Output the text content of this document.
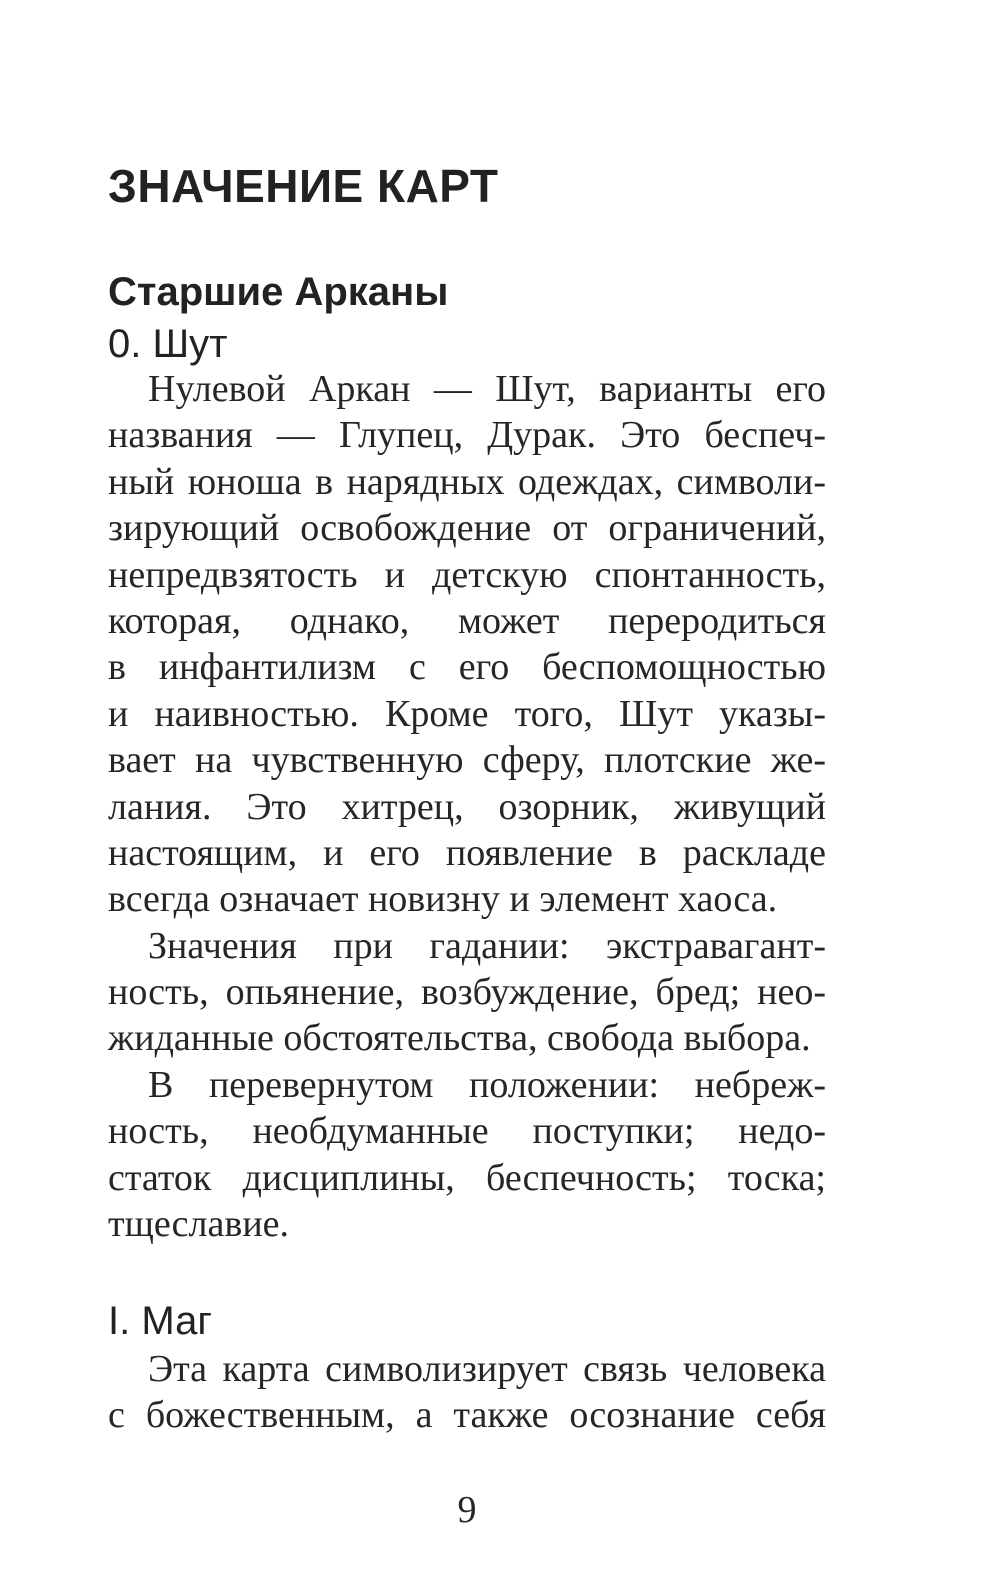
ЗНАЧЕНИЕ КАРТ
Старшие Арканы
0. Шут
Нулевой Аркан — Шут, варианты его
названия — Глупец, Дурак. Это беспеч-
ный юноша в нарядных одеждах, символи-
зирующий освобождение от ограничений,
непредвзятость и детскую спонтанность,
которая, однако, может переродиться
в инфантилизм с его беспомощностью
и наивностью. Кроме того, Шут указы-
вает на чувственную сферу, плотские же-
лания. Это хитрец, озорник, живущий
настоящим, и его появление в раскладе
всегда означает новизну и элемент хаоса.
Значения при гадании: экстравагант-
ность, опьянение, возбуждение, бред; нео-
жиданные обстоятельства, свобода выбора.
В перевернутом положении: небреж-
ность, необдуманные поступки; недо-
статок дисциплины, беспечность; тоска;
тщеславие.
I. Маг
Эта карта символизирует связь человека
с божественным, а также осознание себя
9
